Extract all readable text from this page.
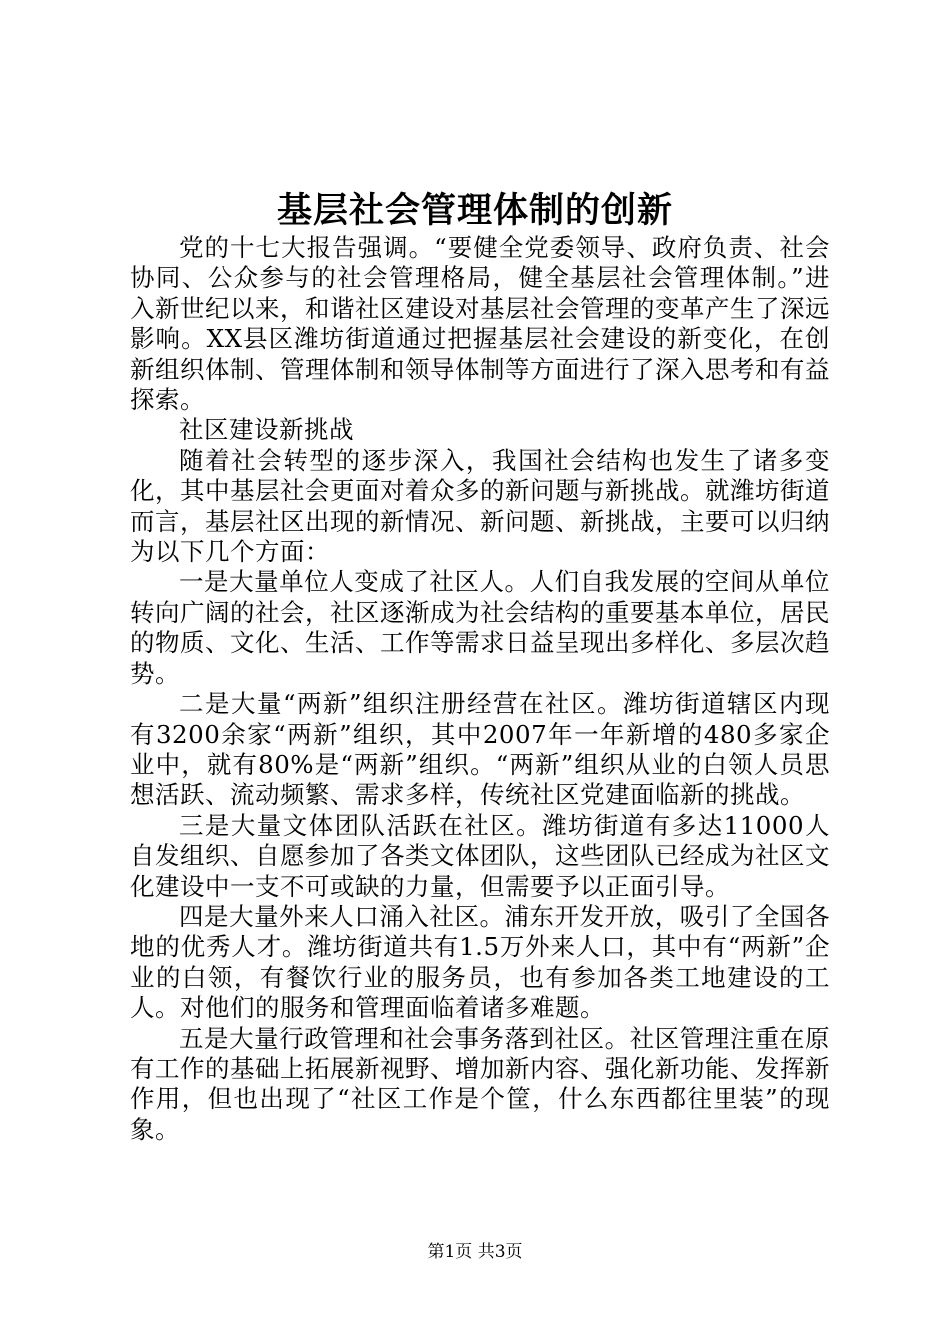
基层社会管理体制的创新

党的十七大报告强调。“要健全党委领导、政府负责、社会协同、公众参与的社会管理格局，健全基层社会管理体制。”进入新世纪以来，和谐社区建设对基层社会管理的变革产生了深远影响。XX县区潍坊街道通过把握基层社会建设的新变化，在创新组织体制、管理体制和领导体制等方面进行了深入思考和有益探索。

社区建设新挑战

随着社会转型的逐步深入，我国社会结构也发生了诸多变化，其中基层社会更面对着众多的新问题与新挑战。就潍坊街道而言，基层社区出现的新情况、新问题、新挑战，主要可以归纳为以下几个方面：

一是大量单位人变成了社区人。人们自我发展的空间从单位转向广阔的社会，社区逐渐成为社会结构的重要基本单位，居民的物质、文化、生活、工作等需求日益呈现出多样化、多层次趋势。

二是大量“两新”组织注册经营在社区。潍坊街道辖区内现有3200余家“两新”组织，其中2007年一年新增的480多家企业中，就有80%是“两新”组织。“两新”组织从业的白领人员思想活跃、流动频繁、需求多样，传统社区党建面临新的挑战。

三是大量文体团队活跃在社区。潍坊街道有多达11000人自发组织、自愿参加了各类文体团队，这些团队已经成为社区文化建设中一支不可或缺的力量，但需要予以正面引导。

四是大量外来人口涌入社区。浦东开发开放，吸引了全国各地的优秀人才。潍坊街道共有1.5万外来人口，其中有“两新”企业的白领，有餐饮行业的服务员，也有参加各类工地建设的工人。对他们的服务和管理面临着诸多难题。

五是大量行政管理和社会事务落到社区。社区管理注重在原有工作的基础上拓展新视野、增加新内容、强化新功能、发挥新作用，但也出现了“社区工作是个筐，什么东西都往里装”的现象。

第1页 共3页
